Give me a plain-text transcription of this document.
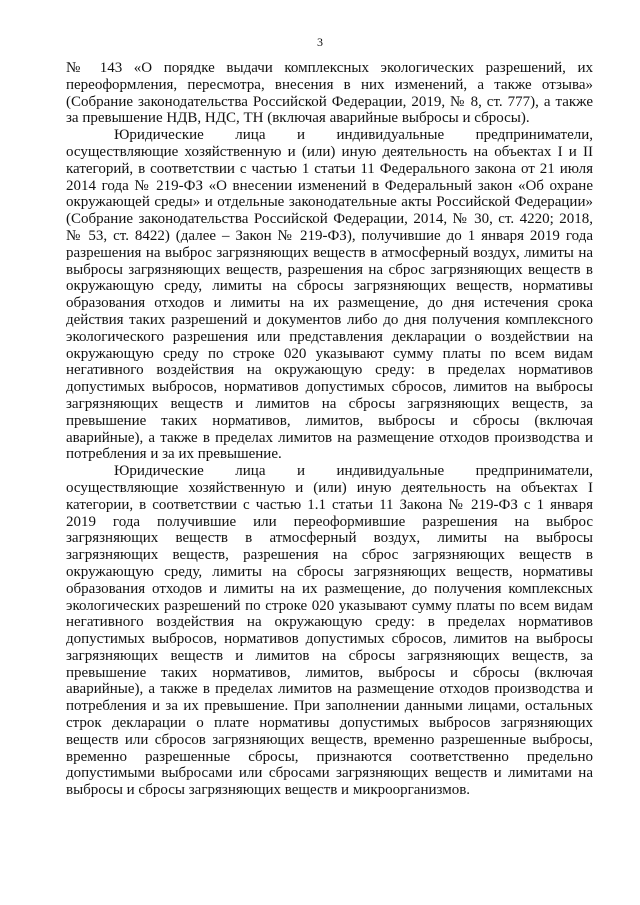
3

№ 143 «О порядке выдачи комплексных экологических разрешений, их переоформления, пересмотра, внесения в них изменений, а также отзыва» (Собрание законодательства Российской Федерации, 2019, № 8, ст. 777), а также за превышение НДВ, НДС, ТН (включая аварийные выбросы и сбросы).

Юридические лица и индивидуальные предприниматели, осуществляющие хозяйственную и (или) иную деятельность на объектах I и II категорий, в соответствии с частью 1 статьи 11 Федерального закона от 21 июля 2014 года № 219-ФЗ «О внесении изменений в Федеральный закон «Об охране окружающей среды» и отдельные законодательные акты Российской Федерации» (Собрание законодательства Российской Федерации, 2014, № 30, ст. 4220; 2018, № 53, ст. 8422) (далее – Закон № 219-ФЗ), получившие до 1 января 2019 года разрешения на выброс загрязняющих веществ в атмосферный воздух, лимиты на выбросы загрязняющих веществ, разрешения на сброс загрязняющих веществ в окружающую среду, лимиты на сбросы загрязняющих веществ, нормативы образования отходов и лимиты на их размещение, до дня истечения срока действия таких разрешений и документов либо до дня получения комплексного экологического разрешения или представления декларации о воздействии на окружающую среду по строке 020 указывают сумму платы по всем видам негативного воздействия на окружающую среду: в пределах нормативов допустимых выбросов, нормативов допустимых сбросов, лимитов на выбросы загрязняющих веществ и лимитов на сбросы загрязняющих веществ, за превышение таких нормативов, лимитов, выбросы и сбросы (включая аварийные), а также в пределах лимитов на размещение отходов производства и потребления и за их превышение.

Юридические лица и индивидуальные предприниматели, осуществляющие хозяйственную и (или) иную деятельность на объектах I категории, в соответствии с частью 1.1 статьи 11 Закона № 219-ФЗ с 1 января 2019 года получившие или переоформившие разрешения на выброс загрязняющих веществ в атмосферный воздух, лимиты на выбросы загрязняющих веществ, разрешения на сброс загрязняющих веществ в окружающую среду, лимиты на сбросы загрязняющих веществ, нормативы образования отходов и лимиты на их размещение, до получения комплексных экологических разрешений по строке 020 указывают сумму платы по всем видам негативного воздействия на окружающую среду: в пределах нормативов допустимых выбросов, нормативов допустимых сбросов, лимитов на выбросы загрязняющих веществ и лимитов на сбросы загрязняющих веществ, за превышение таких нормативов, лимитов, выбросы и сбросы (включая аварийные), а также в пределах лимитов на размещение отходов производства и потребления и за их превышение. При заполнении данными лицами, остальных строк декларации о плате нормативы допустимых выбросов загрязняющих веществ или сбросов загрязняющих веществ, временно разрешенные выбросы, временно разрешенные сбросы, признаются соответственно предельно допустимыми выбросами или сбросами загрязняющих веществ и лимитами на выбросы и сбросы загрязняющих веществ и микроорганизмов.
